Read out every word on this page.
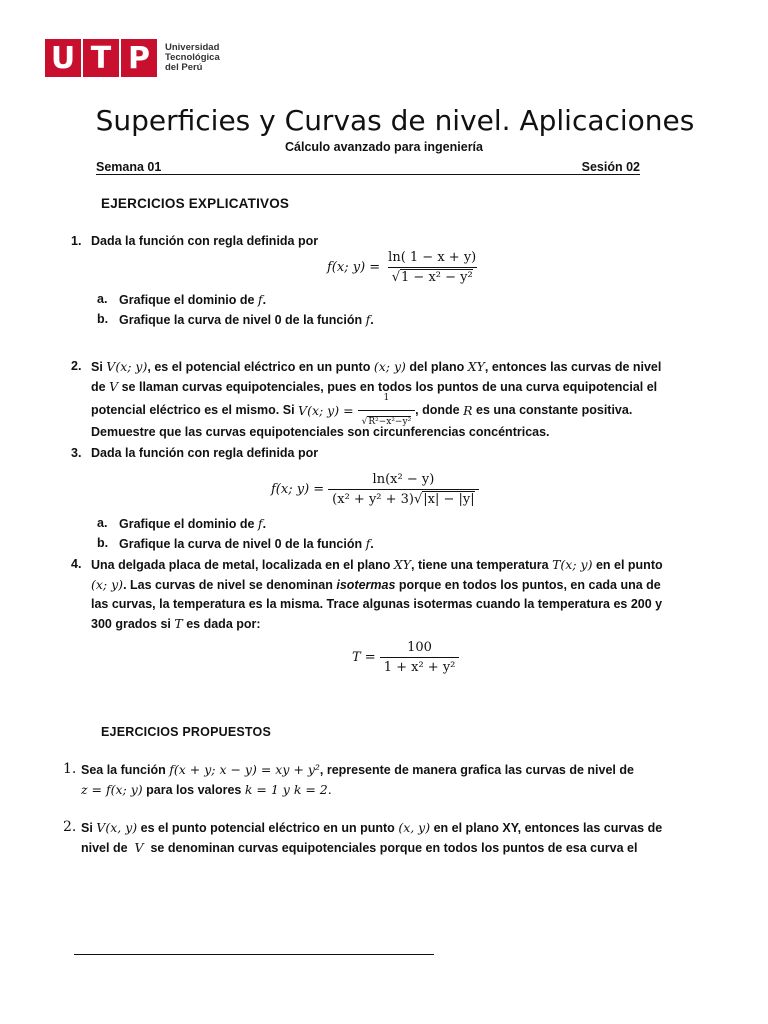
U T P	Universidad
Tecnológica
del Perú
Superficies y Curvas de nivel. Aplicaciones
Cálculo avanzado para ingeniería
Semana 01	Sesión 02
EJERCICIOS EXPLICATIVOS
1. Dada la función con regla definida por
f(x; $y) = \frac{\ln( 1 - x + y)}{\text{√1 − x² − y²}}$
a. Grafique el dominio de f.
b. Grafique la curva de nivel 0 de la función f.
2. Si V(x; y), es el potencial eléctrico en un punto (x; y) del plano XY, entonces las curvas de nivel
de V se llaman curvas equipotenciales, pues en todos los puntos de una curva equipotencial el
potencial eléctrico es el mismo. Si
V(x; $y) = \frac{1}{\text{√R²−x²−y²}}$ , donde
R
es una constante positiva.
Demuestre que las curvas equipotenciales son circunferencias concéntricas.
3. Dada la función con regla definida por
f(x; $y) = \frac{\text{ln(x² − y)}}{\text{(x² + y² + 3)√|x| − |y|}}$
a. Grafique el dominio de f.
b. Grafique la curva de nivel 0 de la función f.
4. Una delgada placa de metal, localizada en el plano XY, tiene una temperatura T(x; y) en el punto
(x; y). Las curvas de nivel se denominan isotermas porque en todos los puntos, en cada una de
las curvas, la temperatura es la misma. Trace algunas isotermas cuando la temperatura es 200 y
300 grados si T es dada por:
$T = \frac{100}{\text{1 + x² + y²}}$
EJERCICIOS PROPUESTOS
1. Sea la función f(x + y; x − y) = xy + y², represente de manera grafica las curvas de nivel de
z = f(x; y) para los valores k = 1 y k = 2.
2. Si V(x, y) es el punto potencial eléctrico en un punto (x, y) en el plano XY, entonces las curvas de
nivel de V se denominan curvas equipotenciales porque en todos los puntos de esa curva el
